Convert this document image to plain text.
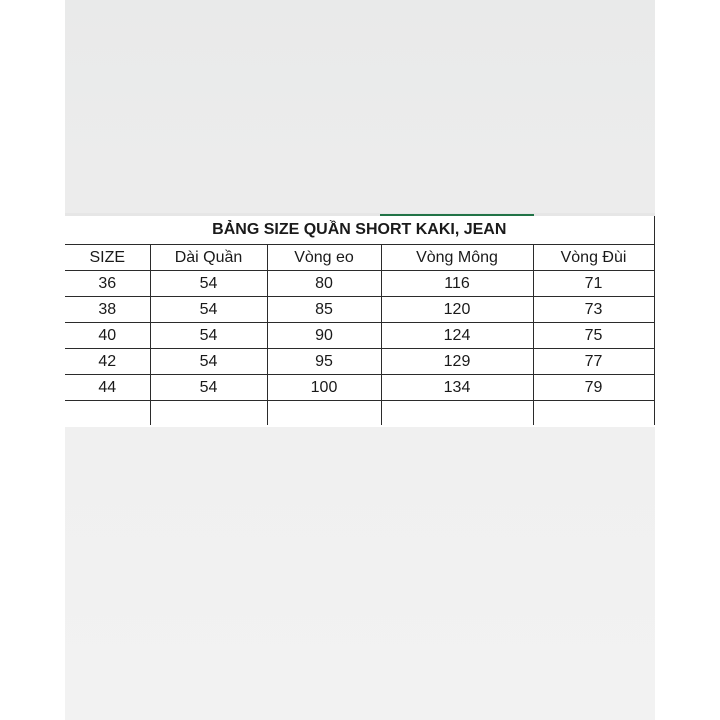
BẢNG SIZE QUẦN SHORT KAKI, JEAN				
SIZE	Dài Quần	Vòng eo	Vòng Mông	Vòng Đùi
36	54	80	116	71
38	54	85	120	73
40	54	90	124	75
42	54	95	129	77
44	54	100	134	79
